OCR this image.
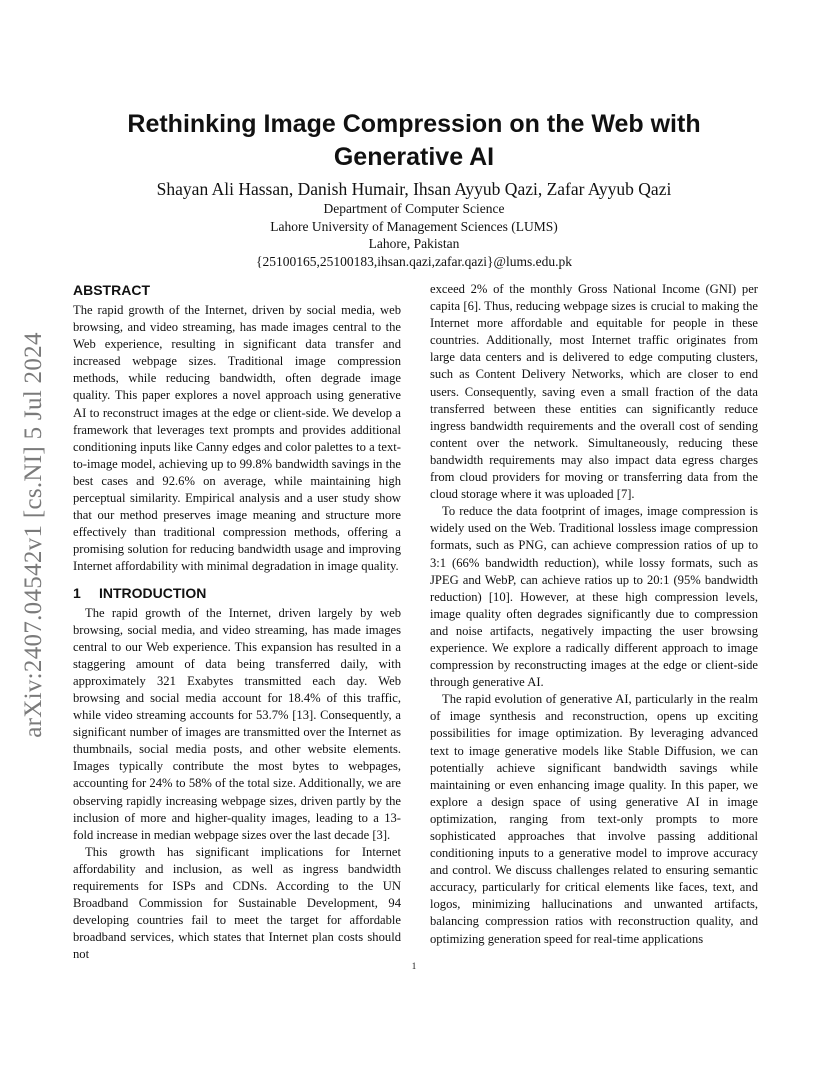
arXiv:2407.04542v1 [cs.NI] 5 Jul 2024
Rethinking Image Compression on the Web with
Generative AI
Shayan Ali Hassan, Danish Humair, Ihsan Ayyub Qazi, Zafar Ayyub Qazi
Department of Computer Science
Lahore University of Management Sciences (LUMS)
Lahore, Pakistan
{25100165,25100183,ihsan.qazi,zafar.qazi}@lums.edu.pk
ABSTRACT

The rapid growth of the Internet, driven by social media, web browsing, and video streaming, has made images central to the Web experience, resulting in significant data transfer and increased webpage sizes. Traditional image compression methods, while reducing bandwidth, often degrade image quality. This paper explores a novel approach using generative AI to reconstruct images at the edge or client-side. We develop a framework that leverages text prompts and provides additional conditioning inputs like Canny edges and color palettes to a text-to-image model, achieving up to 99.8% bandwidth savings in the best cases and 92.6% on average, while maintaining high perceptual similarity. Empirical analysis and a user study show that our method preserves image meaning and structure more effectively than traditional compression methods, offering a promising solution for reducing bandwidth usage and improving Internet affordability with minimal degradation in image quality.

1 INTRODUCTION

The rapid growth of the Internet, driven largely by web browsing, social media, and video streaming, has made images central to our Web experience. This expansion has resulted in a staggering amount of data being transferred daily, with approximately 321 Exabytes transmitted each day. Web browsing and social media account for 18.4% of this traffic, while video streaming accounts for 53.7% [13]. Consequently, a significant number of images are transmitted over the Internet as thumbnails, social media posts, and other website elements. Images typically contribute the most bytes to webpages, accounting for 24% to 58% of the total size. Additionally, we are observing rapidly increasing webpage sizes, driven partly by the inclusion of more and higher-quality images, leading to a 13-fold increase in median webpage sizes over the last decade [3].

This growth has significant implications for Internet affordability and inclusion, as well as ingress bandwidth requirements for ISPs and CDNs. According to the UN Broadband Commission for Sustainable Development, 94 developing countries fail to meet the target for affordable broadband services, which states that Internet plan costs should not

exceed 2% of the monthly Gross National Income (GNI) per capita [6]. Thus, reducing webpage sizes is crucial to making the Internet more affordable and equitable for people in these countries. Additionally, most Internet traffic originates from large data centers and is delivered to edge computing clusters, such as Content Delivery Networks, which are closer to end users. Consequently, saving even a small fraction of the data transferred between these entities can significantly reduce ingress bandwidth requirements and the overall cost of sending content over the network. Simultaneously, reducing these bandwidth requirements may also impact data egress charges from cloud providers for moving or transferring data from the cloud storage where it was uploaded [7].

To reduce the data footprint of images, image compression is widely used on the Web. Traditional lossless image compression formats, such as PNG, can achieve compression ratios of up to 3:1 (66% bandwidth reduction), while lossy formats, such as JPEG and WebP, can achieve ratios up to 20:1 (95% bandwidth reduction) [10]. However, at these high compression levels, image quality often degrades significantly due to compression and noise artifacts, negatively impacting the user browsing experience. We explore a radically different approach to image compression by reconstructing images at the edge or client-side through generative AI.

The rapid evolution of generative AI, particularly in the realm of image synthesis and reconstruction, opens up exciting possibilities for image optimization. By leveraging advanced text to image generative models like Stable Diffusion, we can potentially achieve significant bandwidth savings while maintaining or even enhancing image quality. In this paper, we explore a design space of using generative AI in image optimization, ranging from text-only prompts to more sophisticated approaches that involve passing additional conditioning inputs to a generative model to improve accuracy and control. We discuss challenges related to ensuring semantic accuracy, particularly for critical elements like faces, text, and logos, minimizing hallucinations and unwanted artifacts, balancing compression ratios with reconstruction quality, and optimizing generation speed for real-time applications

1
